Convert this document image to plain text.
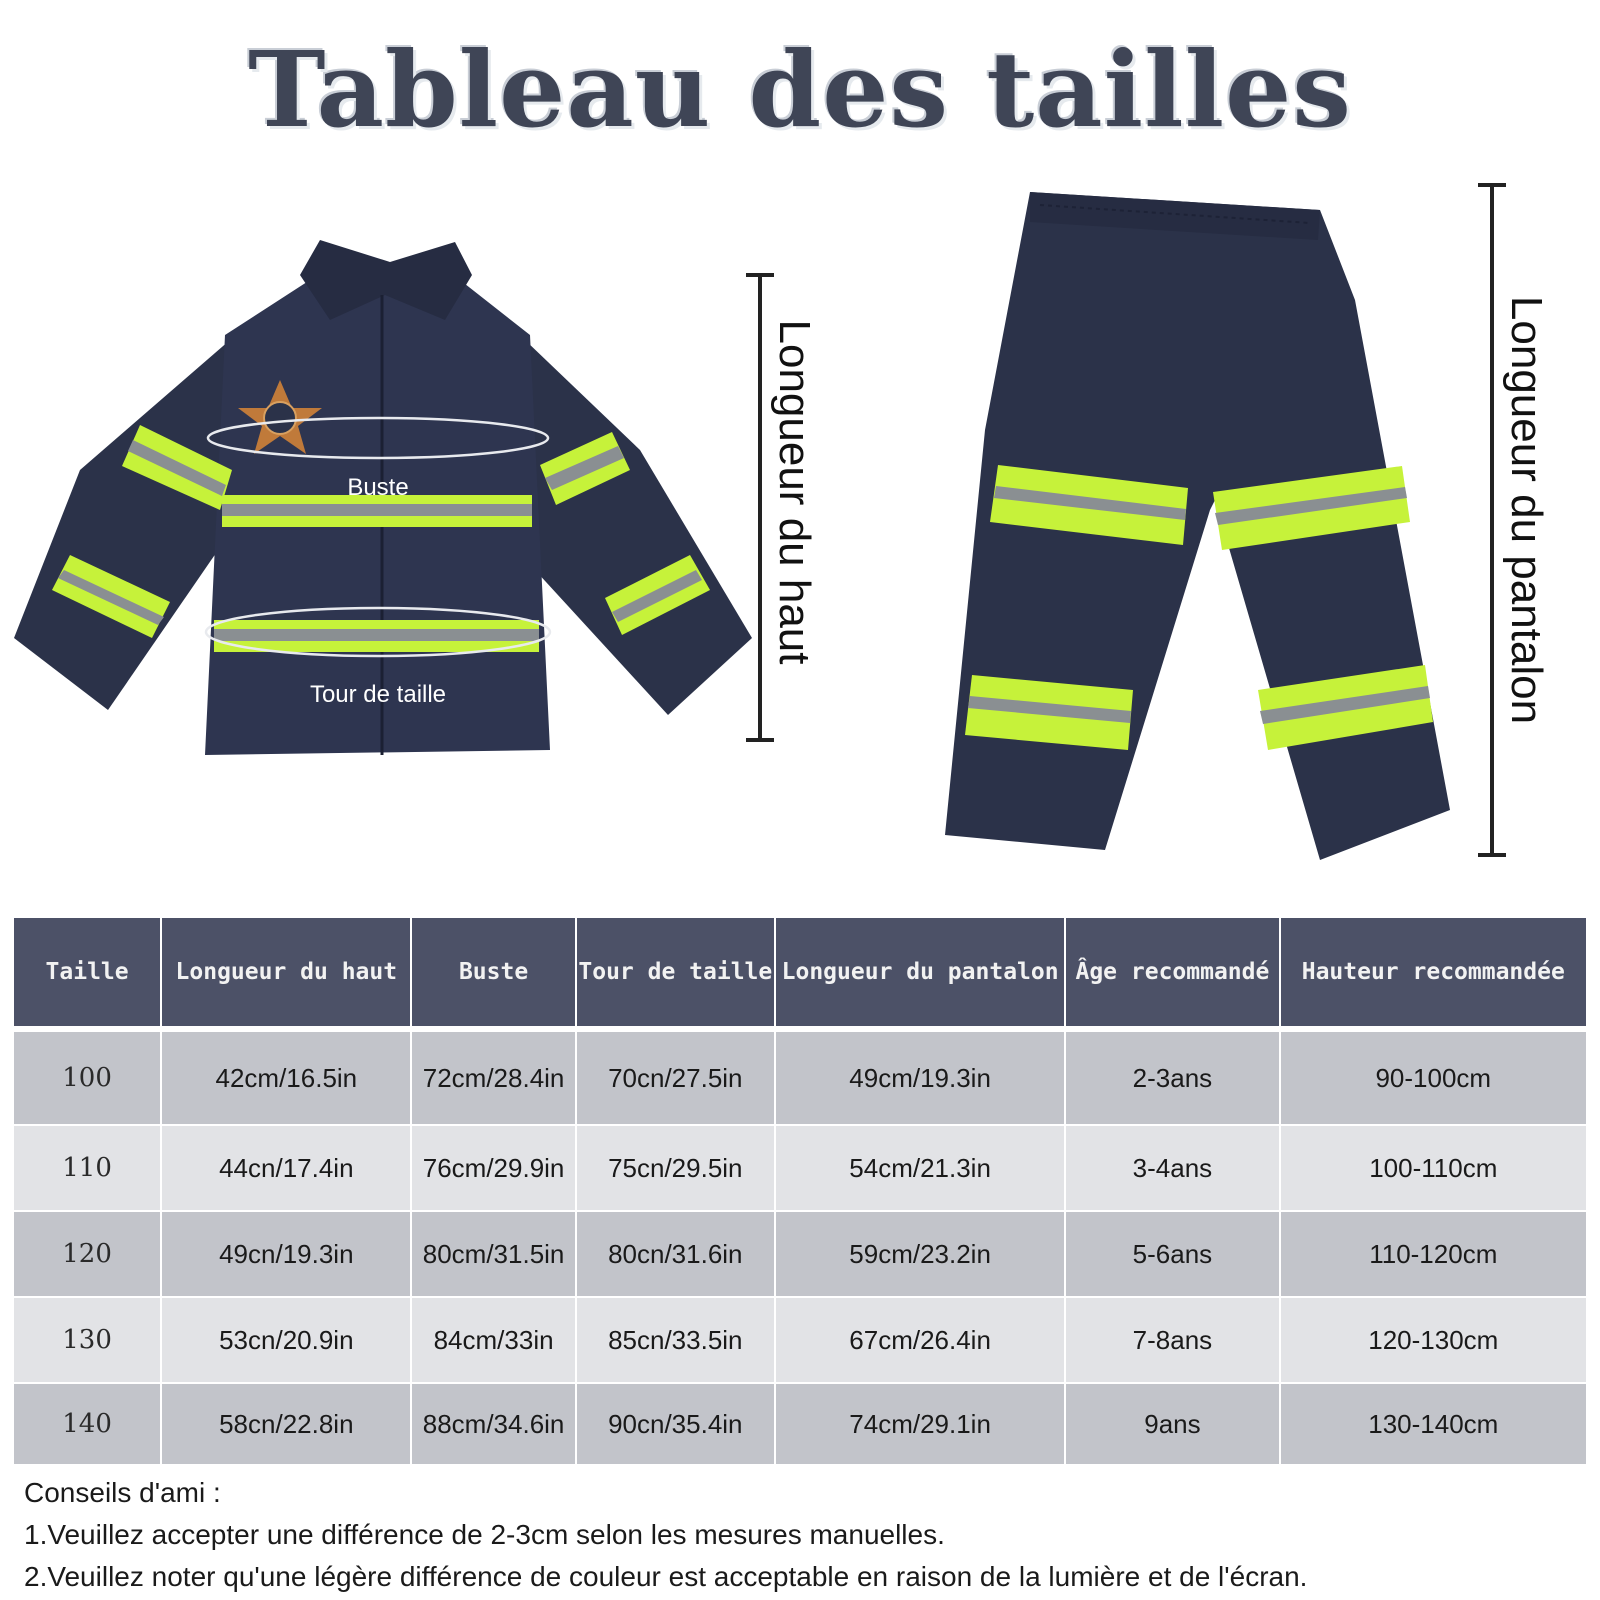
Tableau des tailles
Buste
Tour de taille
Longueur du haut	Longueur du pantalon
Taille	Longueur du haut	Buste	Tour de taille	Longueur du pantalon	Âge recommandé	Hauteur recommandée
100	42cm/16.5in	72cm/28.4in	70cn/27.5in	49cm/19.3in	2-3ans	90-100cm
110	44cn/17.4in	76cm/29.9in	75cn/29.5in	54cm/21.3in	3-4ans	100-110cm
120	49cn/19.3in	80cm/31.5in	80cn/31.6in	59cm/23.2in	5-6ans	110-120cm
130	53cn/20.9in	84cm/33in	85cn/33.5in	67cm/26.4in	7-8ans	120-130cm
140	58cn/22.8in	88cm/34.6in	90cn/35.4in	74cm/29.1in	9ans	130-140cm
Conseils d'ami :
1.Veuillez accepter une différence de 2-3cm selon les mesures manuelles.
2.Veuillez noter qu'une légère différence de couleur est acceptable en raison de la lumière et de l'écran.
